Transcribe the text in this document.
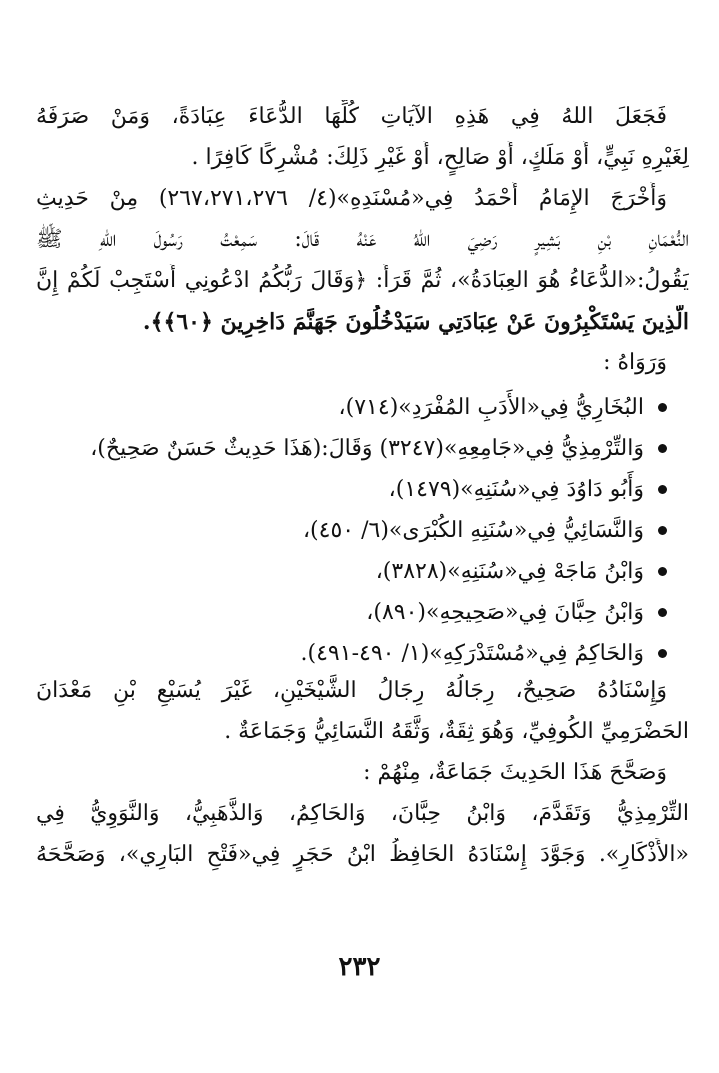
فَجَعَلَ اللهُ فِي هَذِهِ الآيَاتِ كُلِّهَا الدُّعَاءَ عِبَادَةً، وَمَنْ صَرَفَهُ
لِغَيْرِهِ نَبِيٍّ، أَوْ مَلَكٍ، أَوْ صَالِحٍ، أَوْ غَيْرِ ذَلِكَ: مُشْرِكًا كَافِرًا .
وَأَخْرَجَ الإِمَامُ أَحْمَدُ فِي«مُسْنَدِهِ»(٤/ ٢٦٧،٢٧١،٢٧٦) مِنْ حَدِيثِ
النُّعْمَانِ بْنِ بَشِيرٍ رَضِيَ اللهُ عَنْهُ قَالَ: سَمِعْتُ رَسُولَ اللهِ ﷺ
يَقُولُ:«الدُّعَاءُ هُوَ العِبَادَةُ»، ثُمَّ قَرَأَ: ﴿وَقَالَ رَبُّكُمُ ادْعُونِي أَسْتَجِبْ لَكُمْ إِنَّ
الَّذِينَ يَسْتَكْبِرُونَ عَنْ عِبَادَتِي سَيَدْخُلُونَ جَهَنَّمَ دَاخِرِينَ ﴿٦٠﴾﴾.
وَرَوَاهُ :
البُخَارِيُّ فِي«الأَدَبِ المُفْرَدِ»(٧١٤)،
وَالتِّرْمِذِيُّ فِي«جَامِعِهِ»(٣٢٤٧) وَقَالَ:(هَذَا حَدِيثٌ حَسَنٌ صَحِيحٌ)،
وَأَبُو دَاوُدَ فِي«سُنَنِهِ»(١٤٧٩)،
وَالنَّسَائِيُّ فِي«سُنَنِهِ الكُبْرَى»(٦/ ٤٥٠)،
وَابْنُ مَاجَهْ فِي«سُنَنِهِ»(٣٨٢٨)،
وَابْنُ حِبَّانَ فِي«صَحِيحِهِ»(٨٩٠)،
وَالحَاكِمُ فِي«مُسْتَدْرَكِهِ»(١/ ٤٩٠-٤٩١).
وَإِسْنَادُهُ صَحِيحٌ، رِجَالُهُ رِجَالُ الشَّيْخَيْنِ، غَيْرَ يُسَيْعِ بْنِ مَعْدَانَ
الحَضْرَمِيِّ الكُوفِيِّ، وَهُوَ ثِقَةٌ، وَثَّقَهُ النَّسَائِيُّ وَجَمَاعَةٌ .
وَصَحَّحَ هَذَا الحَدِيثَ جَمَاعَةٌ، مِنْهُمْ :
التِّرْمِذِيُّ وَتَقَدَّمَ، وَابْنُ حِبَّانَ، وَالحَاكِمُ، وَالذَّهَبِيُّ، وَالنَّوَوِيُّ فِي
«الأَذْكَارِ». وَجَوَّدَ إِسْنَادَهُ الحَافِظُ ابْنُ حَجَرٍ فِي«فَتْحِ البَارِي»، وَصَحَّحَهُ
٢٣٢
